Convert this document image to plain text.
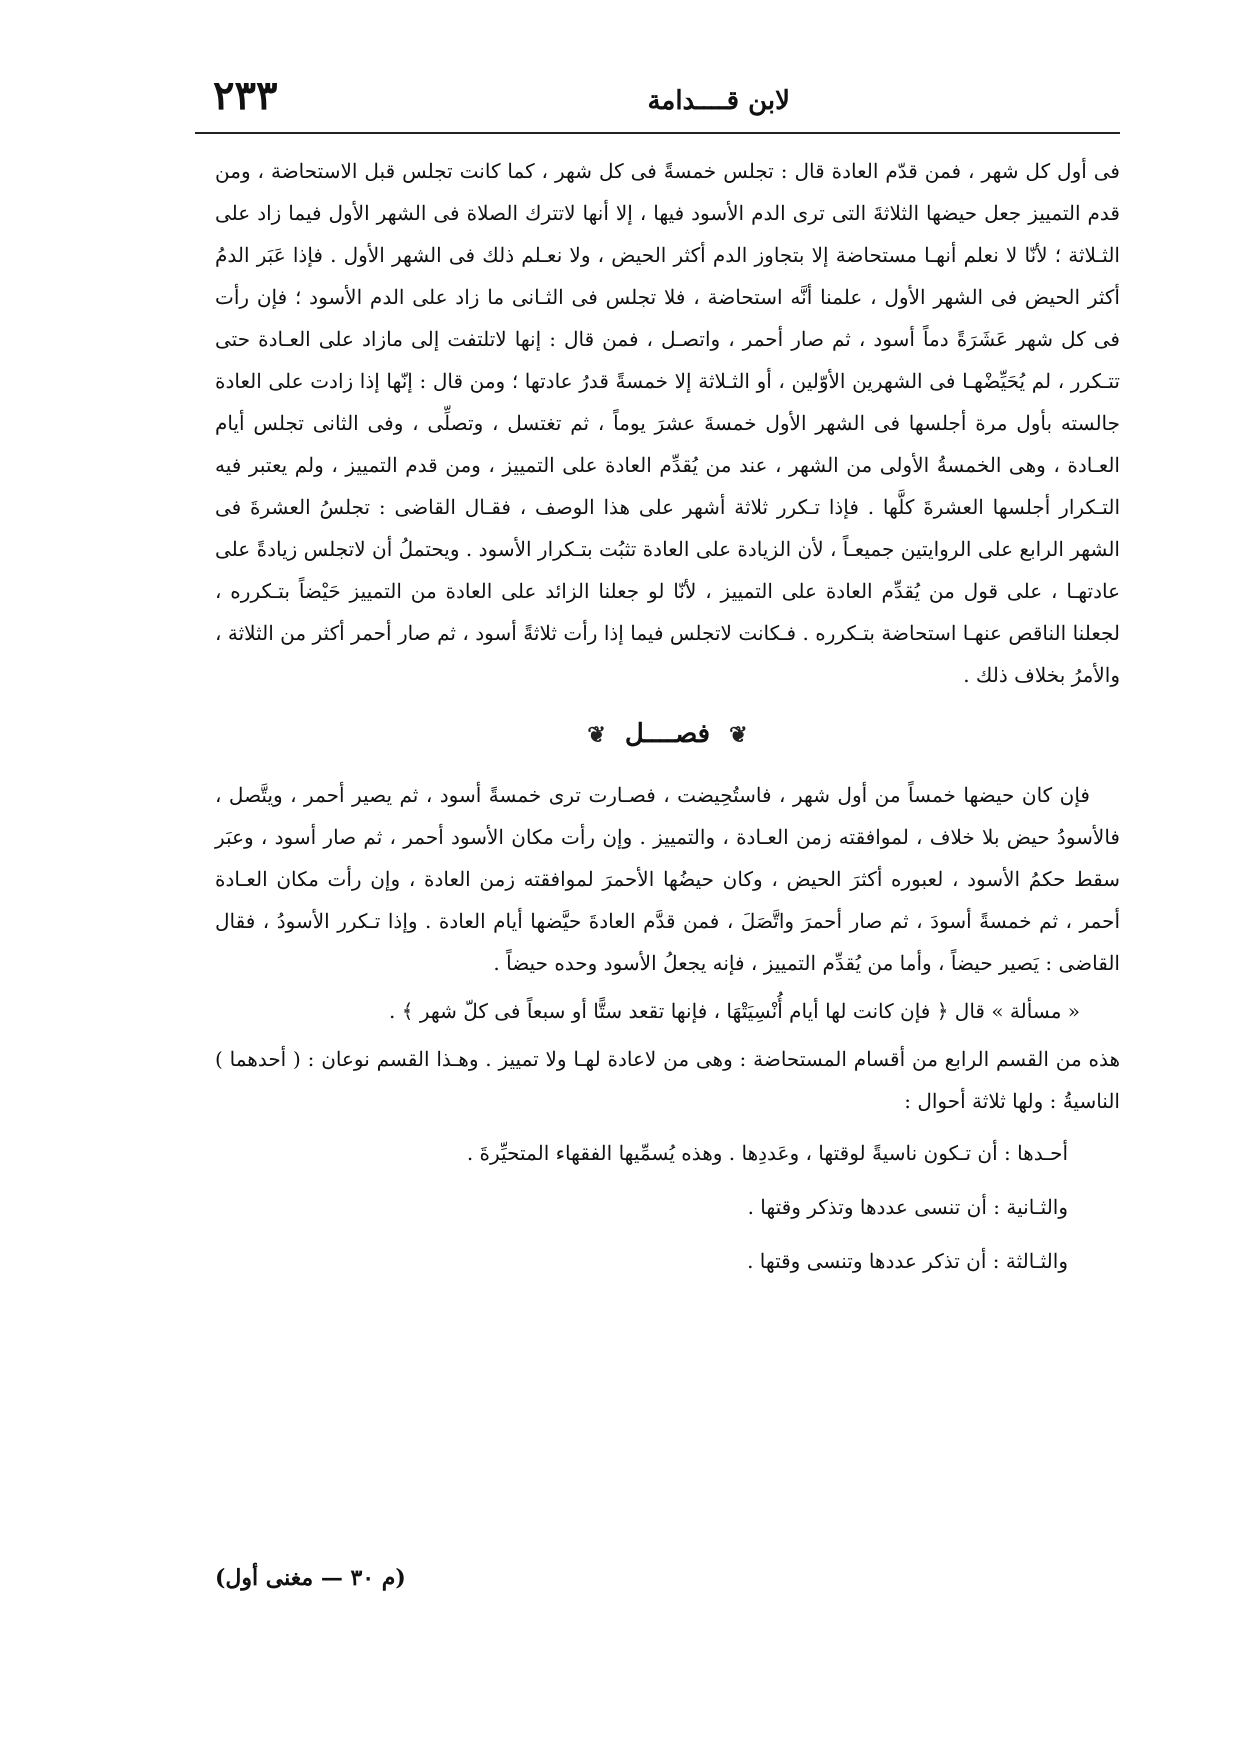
لابن قــــدامة
٢٣٣

فى أول كل شهر ، فمن قدّم العادة قال : تجلس خمسةً فى كل شهر ، كما كانت تجلس قبل الاستحاضة ، ومن قدم التمييز جعل حيضها الثلاثةَ التى ترى الدم الأسود فيها ، إلا أنها لاتترك الصلاة فى الشهر الأول فيما زاد على الثـلاثة ؛ لأنّا لا نعلم أنهـا مستحاضة إلا بتجاوز الدم أكثر الحيض ، ولا نعـلم ذلك فى الشهر الأول . فإذا عَبَر الدمُ أكثر الحيض فى الشهر الأول ، علمنا أنَّه استحاضة ، فلا تجلس فى الثـانى ما زاد على الدم الأسود ؛ فإن رأت فى كل شهر عَشَرَةً دماً أسود ، ثم صار أحمر ، واتصـل ، فمن قال : إنها لاتلتفت إلى مازاد على العـادة حتى تتـكرر ، لم يُحَيِّضْهـا فى الشهرين الأوّلين ، أو الثـلاثة إلا خمسةً قدرُ عادتها ؛ ومن قال : إنّها إذا زادت على العادة جالسته بأول مرة أجلسها فى الشهر الأول خمسةَ عشرَ يوماً ، ثم تغتسل ، وتصلِّى ، وفى الثانى تجلس أيام العـادة ، وهى الخمسةُ الأولى من الشهر ، عند من يُقدِّم العادة على التمييز ، ومن قدم التمييز ، ولم يعتبر فيه التـكرار أجلسها العشرةَ كلَّها . فإذا تـكرر ثلاثة أشهر على هذا الوصف ، فقـال القاضى : تجلسُ العشرةَ فى الشهر الرابع على الروايتين جميعـاً ، لأن الزيادة على العادة تثبُت بتـكرار الأسود . ويحتملُ أن لاتجلس زيادةً على عادتهـا ، على قول من يُقدِّم العادة على التمييز ، لأنّا لو جعلنا الزائد على العادة من التمييز حَيْضاً بتـكرره ، لجعلنا الناقص عنهـا استحاضة بتـكرره . فـكانت لاتجلس فيما إذا رأت ثلاثةً أسود ، ثم صار أحمر أكثر من الثلاثة ، والأمرُ بخلاف ذلك .

❦ فصــــل ❦

فإن كان حيضها خمساً من أول شهر ، فاستُحِيضت ، فصـارت ترى خمسةً أسود ، ثم يصير أحمر ، ويتَّصل ، فالأسودُ حيض بلا خلاف ، لموافقته زمن العـادة ، والتمييز . وإن رأت مكان الأسود أحمر ، ثم صار أسود ، وعبَر سقط حكمُ الأسود ، لعبوره أكثرَ الحيض ، وكان حيضُها الأحمرَ لموافقته زمن العادة ، وإن رأت مكان العـادة أحمر ، ثم خمسةً أسودَ ، ثم صار أحمرَ واتَّصَلَ ، فمن قدَّم العادةَ حيَّضها أيام العادة . وإذا تـكرر الأسودُ ، فقال القاضى : يَصير حيضاً ، وأما من يُقدِّم التمييز ، فإنه يجعلُ الأسود وحده حيضاً .

« مسألة » قال ﴿ فإن كانت لها أيام أُنْسِيَتْهَا ، فإنها تقعد ستًّا أو سبعاً فى كلّ شهر ﴾ .

هذه من القسم الرابع من أقسام المستحاضة : وهى من لاعادة لهـا ولا تمييز . وهـذا القسم نوعان : ( أحدهما ) الناسيةُ : ولها ثلاثة أحوال :

أحـدها : أن تـكون ناسيةً لوقتها ، وعَددِها . وهذه يُسمِّيها الفقهاء المتحيِّرةَ .
والثـانية : أن تنسى عددها وتذكر وقتها .
والثـالثة : أن تذكر عددها وتنسى وقتها .
(م ٣٠ — مغنى أول)
